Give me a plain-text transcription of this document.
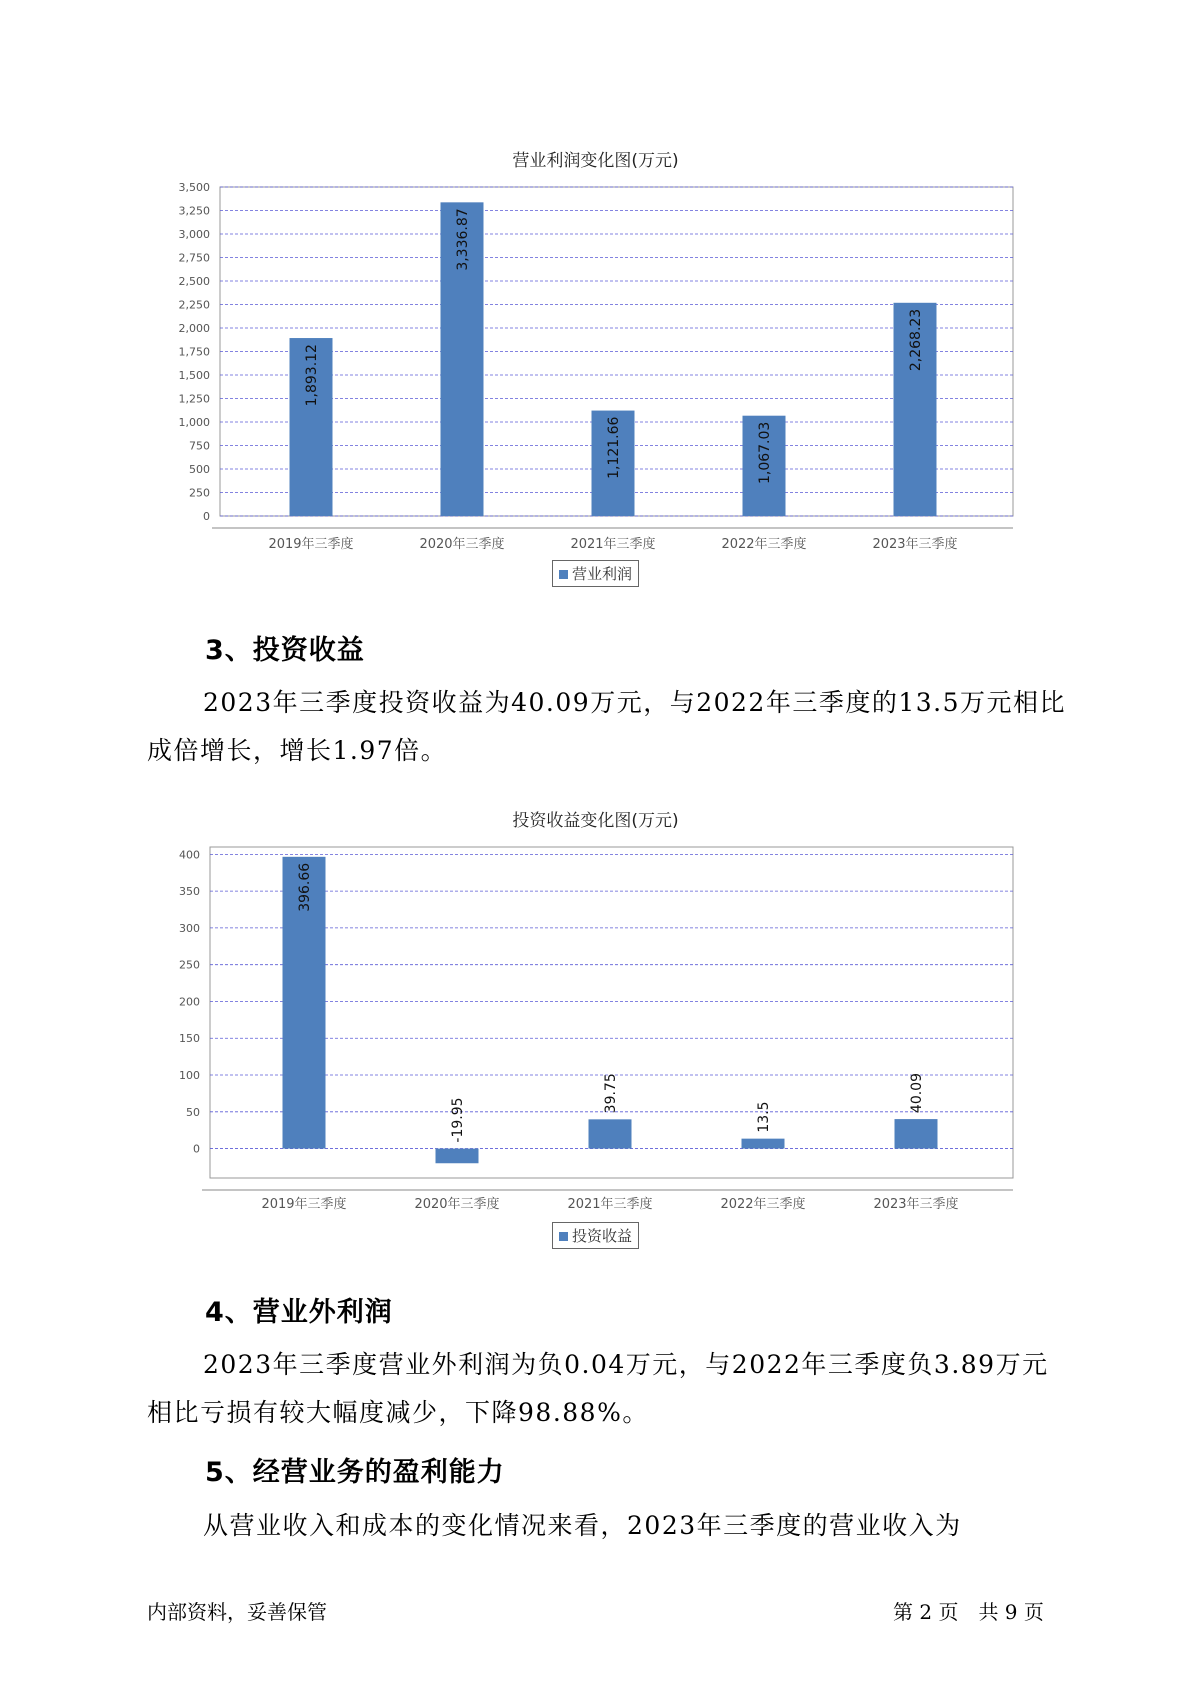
营业利润变化图(万元)
0
250
500
750
1,000
1,250
1,500
1,750
2,000
2,250
2,500
2,750
3,000
3,250
3,500
2019年三季度
1,893.12
2020年三季度
3,336.87
2021年三季度
1,121.66
2022年三季度
1,067.03
2023年三季度
2,268.23
营业利润
3、投资收益

2023年三季度投资收益为40.09万元，与2022年三季度的13.5万元相比

成倍增长，增长1.97倍。

投资收益变化图(万元)
0
50
100
150
200
250
300
350
400
2019年三季度
396.66
2020年三季度
-19.95
2021年三季度
39.75
2022年三季度
13.5
2023年三季度
40.09
投资收益
4、营业外利润

2023年三季度营业外利润为负0.04万元，与2022年三季度负3.89万元

相比亏损有较大幅度减少，下降98.88%。

5、经营业务的盈利能力

从营业收入和成本的变化情况来看，2023年三季度的营业收入为

内部资料，妥善保管	第 2 页　共 9 页
